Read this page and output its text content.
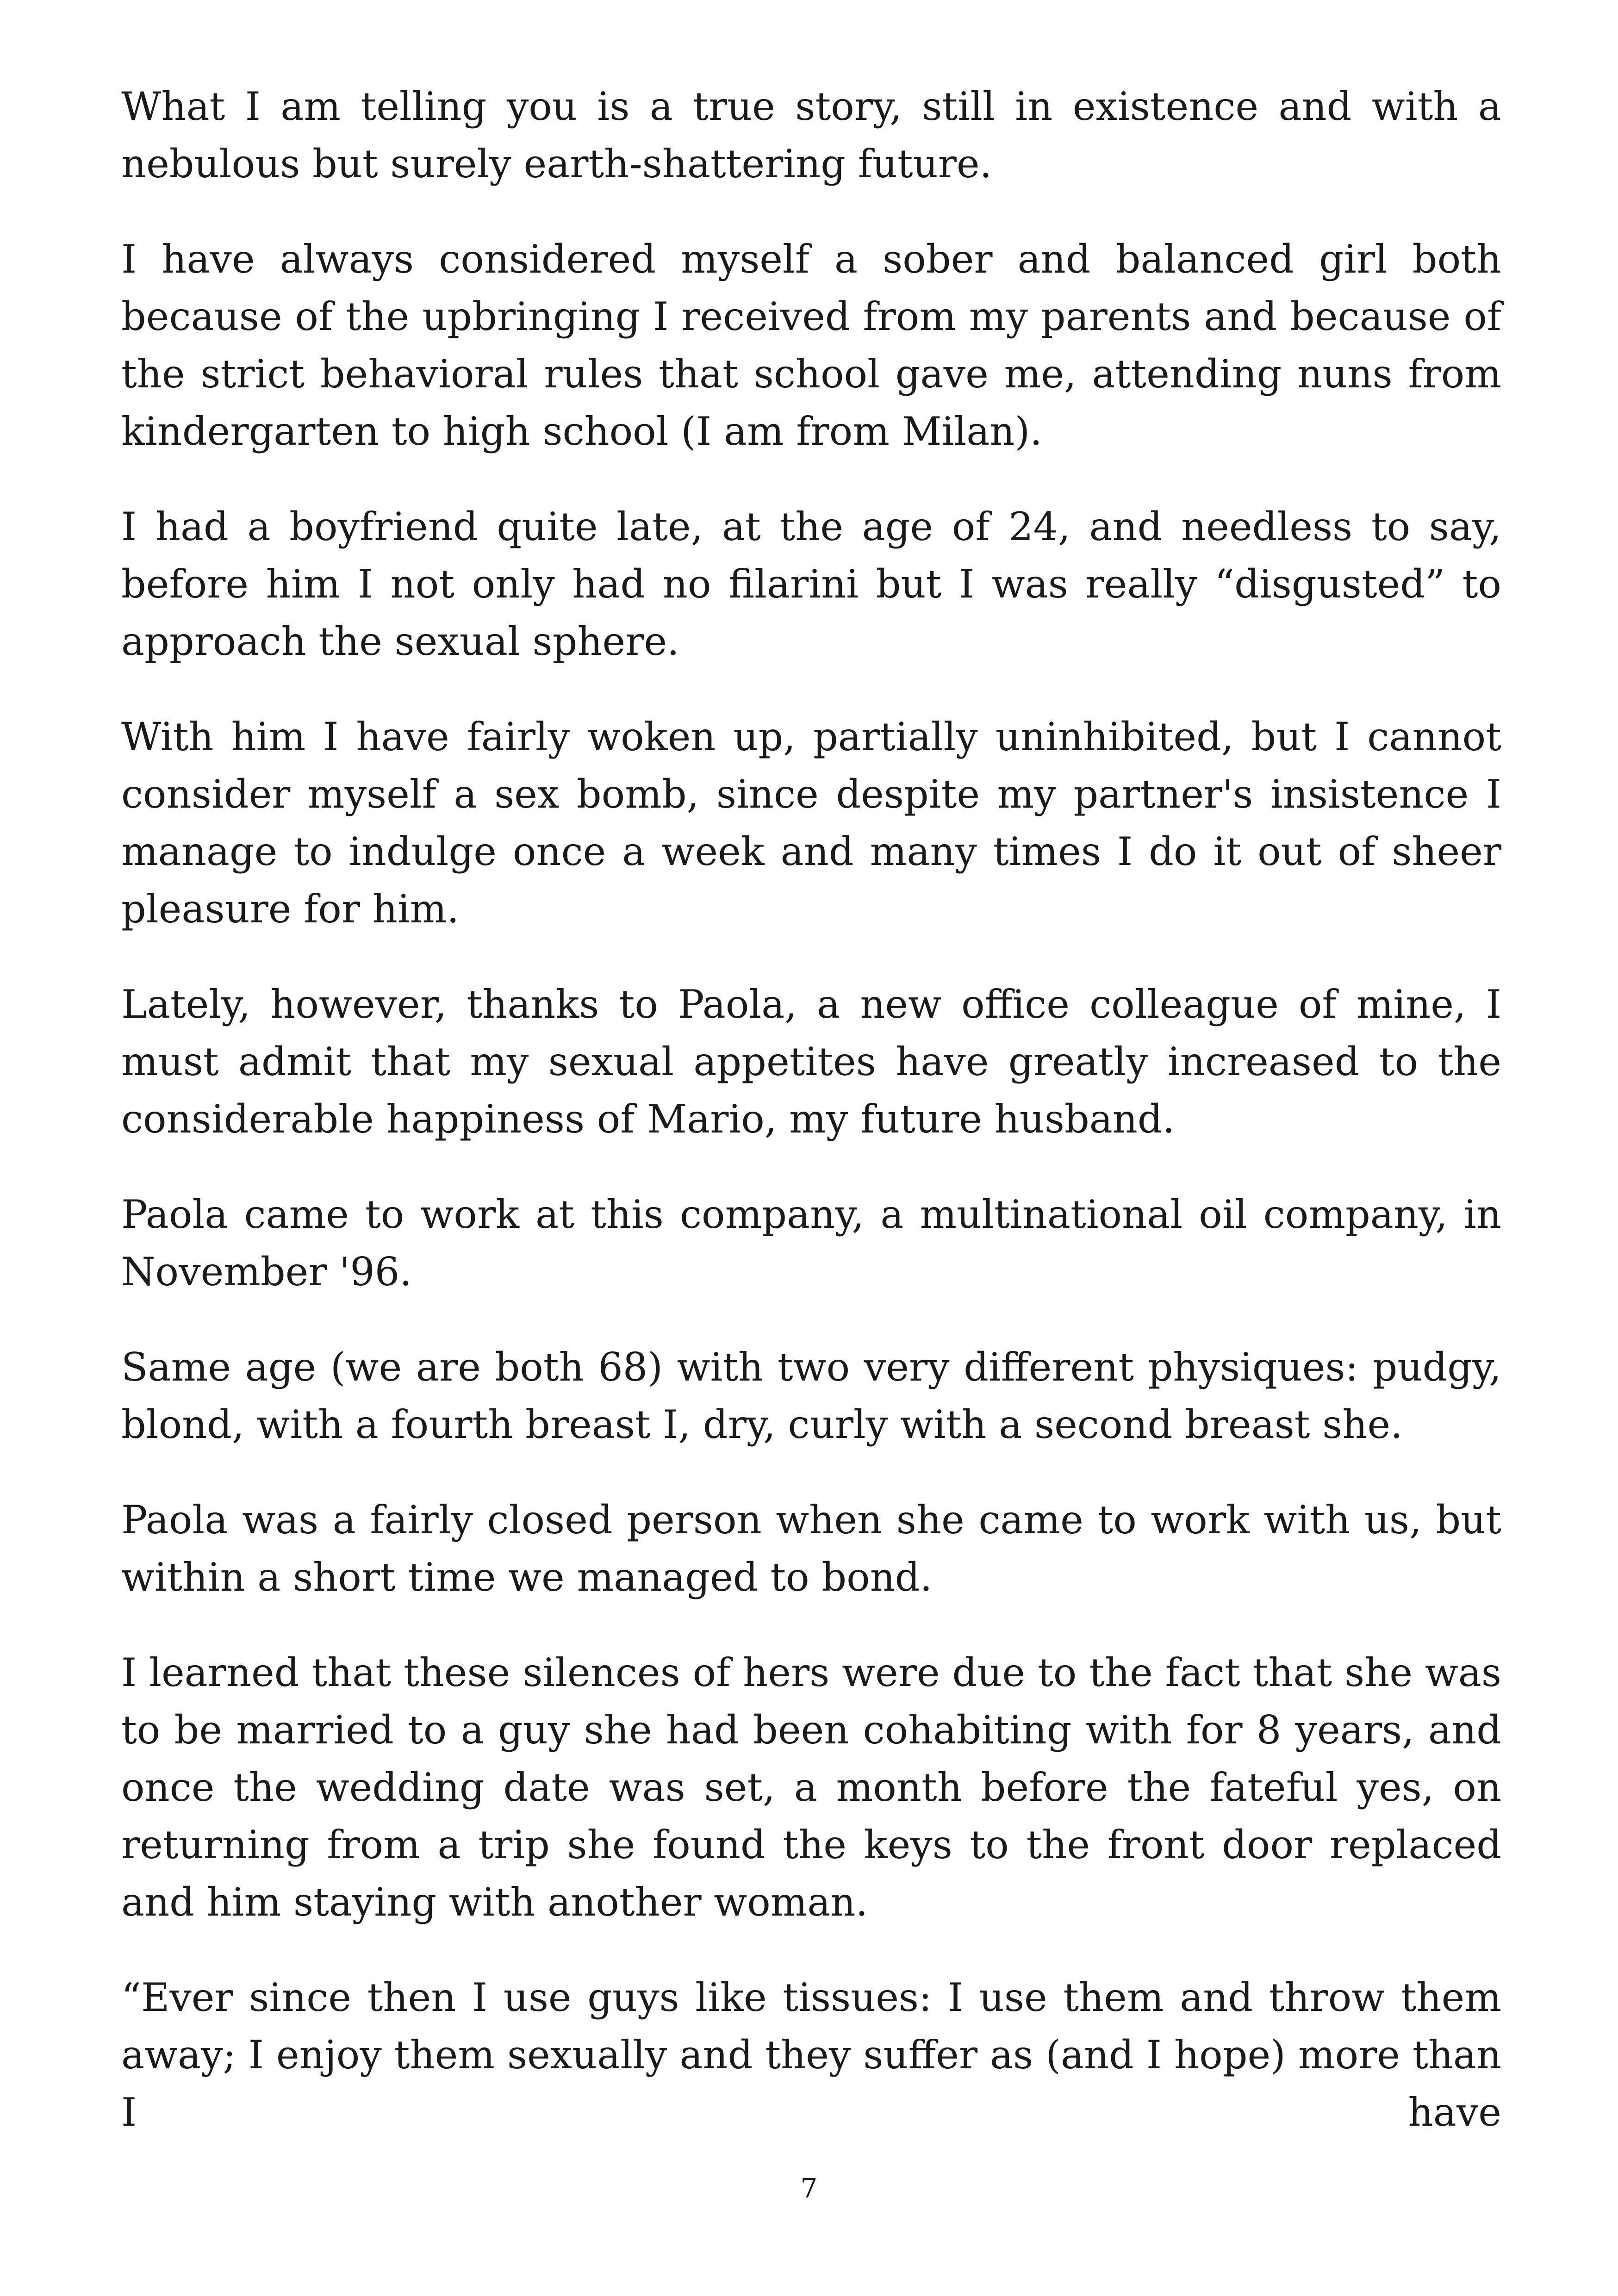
What I am telling you is a true story, still in existence and with a nebulous but surely earth-shattering future.

I have always considered myself a sober and balanced girl both because of the upbringing I received from my parents and because of the strict behavioral rules that school gave me, attending nuns from kindergarten to high school (I am from Milan).

I had a boyfriend quite late, at the age of 24, and needless to say, before him I not only had no filarini but I was really “disgusted” to approach the sexual sphere.

With him I have fairly woken up, partially uninhibited, but I cannot consider myself a sex bomb, since despite my partner's insistence I manage to indulge once a week and many times I do it out of sheer pleasure for him.

Lately, however, thanks to Paola, a new office colleague of mine, I must admit that my sexual appetites have greatly increased to the considerable happiness of Mario, my future husband.

Paola came to work at this company, a multinational oil company, in November '96.

Same age (we are both 68) with two very different physiques: pudgy, blond, with a fourth breast I, dry, curly with a second breast she.

Paola was a fairly closed person when she came to work with us, but within a short time we managed to bond.

I learned that these silences of hers were due to the fact that she was to be married to a guy she had been cohabiting with for 8 years, and once the wedding date was set, a month before the fateful yes, on returning from a trip she found the keys to the front door replaced and him staying with another woman.

“Ever since then I use guys like tissues: I use them and throw them away; I enjoy them sexually and they suffer as (and I hope) more than I have

7
